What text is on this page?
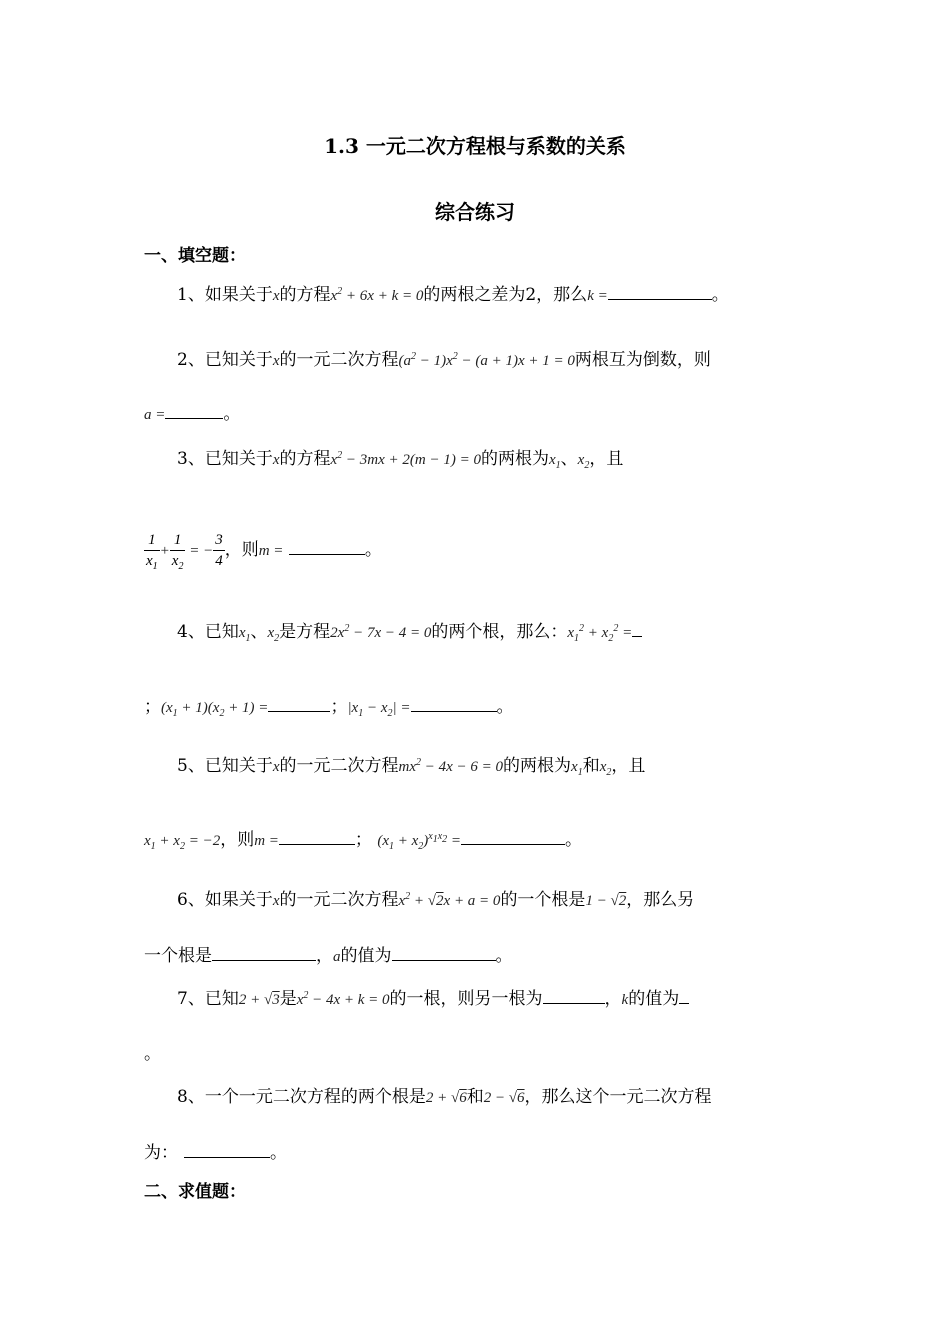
1.3 一元二次方程根与系数的关系
综合练习
一、填空题：
1、如果关于x的方程$x^2 + 6x + k = 0$的两根之差为2，那么k =	。
2、已知关于x的一元二次方程$(a^2 - 1)x^2 - (a + 1)x + 1 = 0$两根互为倒数，则
a =	。
3、已知关于x的方程$x^2 - 3mx + 2(m - 1) = 0$的两根为$x_1$、$x_2$，且
$\frac{1}{x_1} + \frac{1}{x_2}$ = − $\frac{3}{4}$ ，则m =	。
4、已知$x_1$、$x_2$是方程$2x^2 - 7x - 4 = 0$的两个根，那么：$x_1^2 + x_2^2$ =
；$(x_1 + 1)(x_2 + 1)$ =	；$|x_1 - x_2|$ =	。
5、已知关于x的一元二次方程$mx^2 - 4x - 6 = 0$的两根为$x_1$和$x_2$，且
$x_1 + x_2 = -2$，则m =	； $(x_1 + x_2)^{x_1x_2}$ =	。
6、如果关于x的一元二次方程$x^2 + √2x + a = 0$的一个根是1 − √2，那么另
一个根是	，a的值为	。
7、已知2 + √3是$x^2 - 4x + k = 0$的一根，则另一根为	，k的值为
。
8、一个一元二次方程的两个根是2 + √6和2 − √6，那么这个一元二次方程
为：	。
二、求值题：
